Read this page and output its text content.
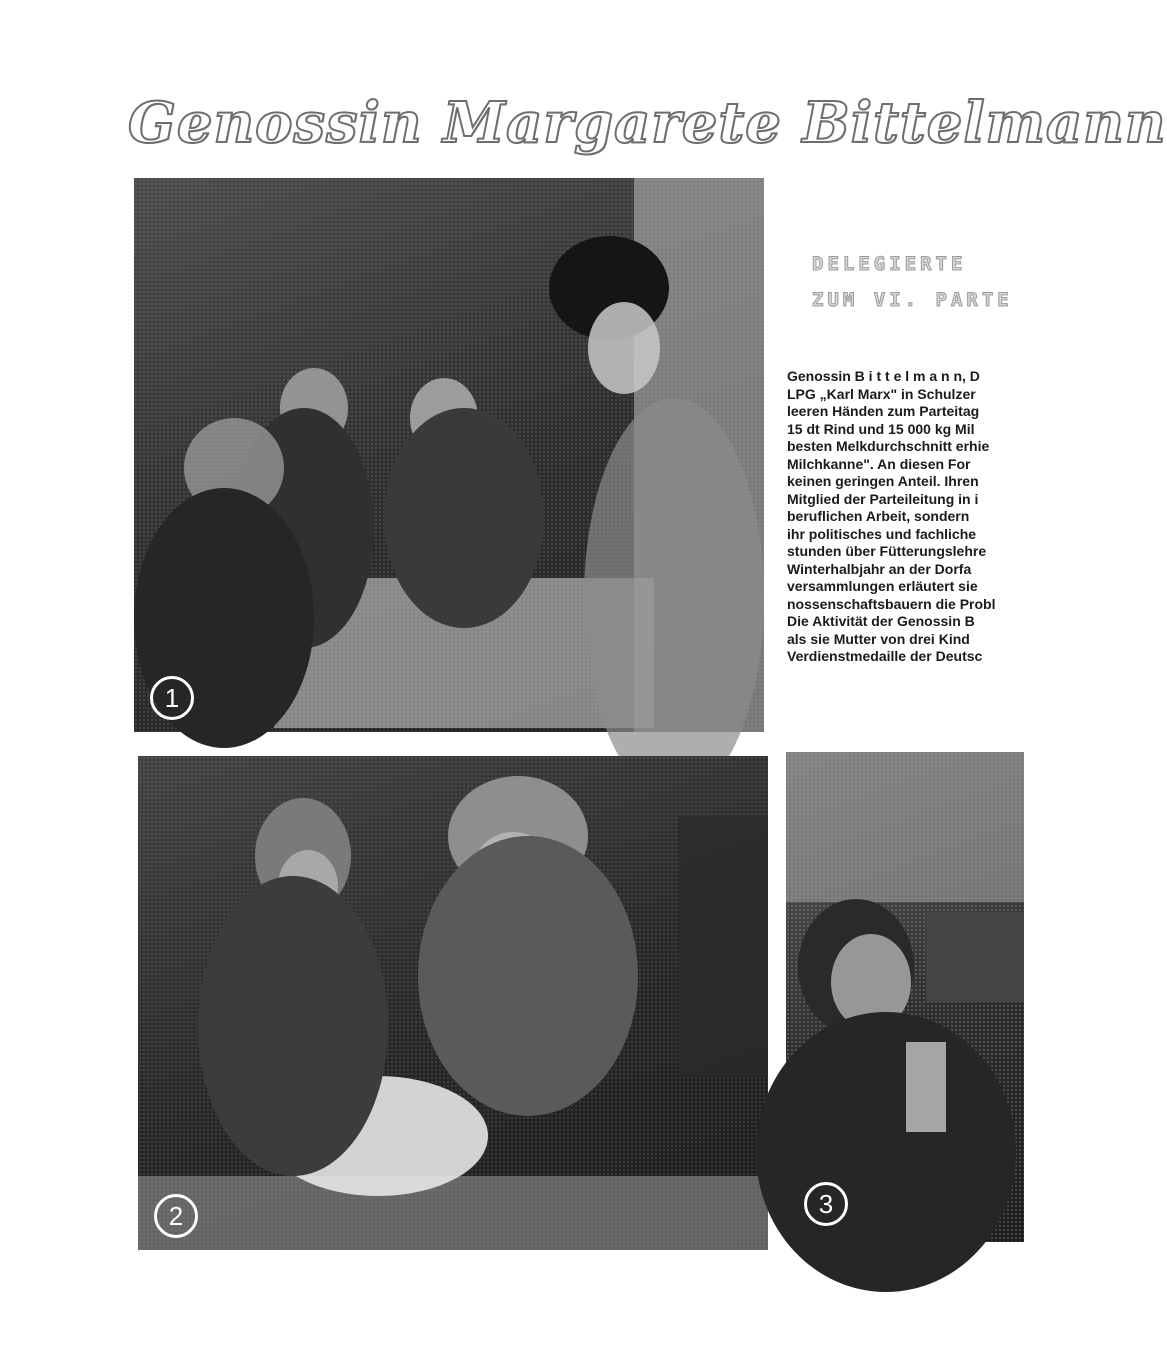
Genossin Margarete Bittelmann
1
DELEGIERTE
ZUM VI. PARTE
Genossin B i t t e l m a n n, D
LPG „Karl Marx" in Schulzer
leeren Händen zum Parteitag
15 dt Rind und 15 000 kg Mil
besten Melkdurchschnitt erhie
Milchkanne". An diesen For
keinen geringen Anteil. Ihren
Mitglied der Parteileitung in i
beruflichen Arbeit, sondern
ihr politisches und fachliche
stunden über Fütterungslehre
Winterhalbjahr an der Dorfa
versammlungen erläutert sie
nossenschaftsbauern die Probl
Die Aktivität der Genossin B
als sie Mutter von drei Kind
Verdienstmedaille der Deutsc
2	3
